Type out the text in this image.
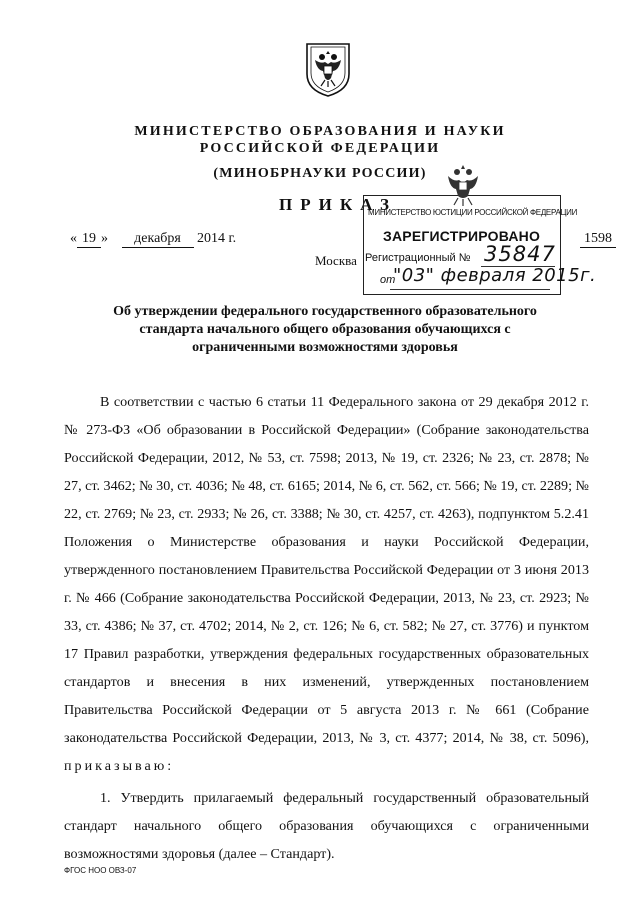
МИНИСТЕРСТВО ОБРАЗОВАНИЯ И НАУКИ
РОССИЙСКОЙ ФЕДЕРАЦИИ
(МИНОБРНАУКИ РОССИИ)
ПРИКАЗ
« 19 » декабря 2014 г.
Москва
1598
МИНИСТЕРСТВО ЮСТИЦИИ РОССИЙСКОЙ ФЕДЕРАЦИИ
ЗАРЕГИСТРИРОВАНО
Регистрационный № 35847
от
"03" февраля 2015г.
Об утверждении федерального государственного образовательного стандарта начального общего образования обучающихся с ограниченными возможностями здоровья

В соответствии с частью 6 статьи 11 Федерального закона от 29 декабря 2012 г. № 273-ФЗ «Об образовании в Российской Федерации» (Собрание законодательства Российской Федерации, 2012, № 53, ст. 7598; 2013, № 19, ст. 2326; № 23, ст. 2878; № 27, ст. 3462; № 30, ст. 4036; № 48, ст. 6165; 2014, № 6, ст. 562, ст. 566; № 19, ст. 2289; № 22, ст. 2769; № 23, ст. 2933; № 26, ст. 3388; № 30, ст. 4257, ст. 4263), подпунктом 5.2.41 Положения о Министерстве образования и науки Российской Федерации, утвержденного постановлением Правительства Российской Федерации от 3 июня 2013 г. № 466 (Собрание законодательства Российской Федерации, 2013, № 23, ст. 2923; № 33, ст. 4386; № 37, ст. 4702; 2014, № 2, ст. 126; № 6, ст. 582; № 27, ст. 3776) и пунктом 17 Правил разработки, утверждения федеральных государственных образовательных стандартов и внесения в них изменений, утвержденных постановлением Правительства Российской Федерации от 5 августа 2013 г. № 661 (Собрание законодательства Российской Федерации, 2013, № 3, ст. 4377; 2014, № 38, ст. 5096), приказываю:

1. Утвердить прилагаемый федеральный государственный образовательный стандарт начального общего образования обучающихся с ограниченными возможностями здоровья (далее – Стандарт).

ФГОС НОО ОВЗ-07
